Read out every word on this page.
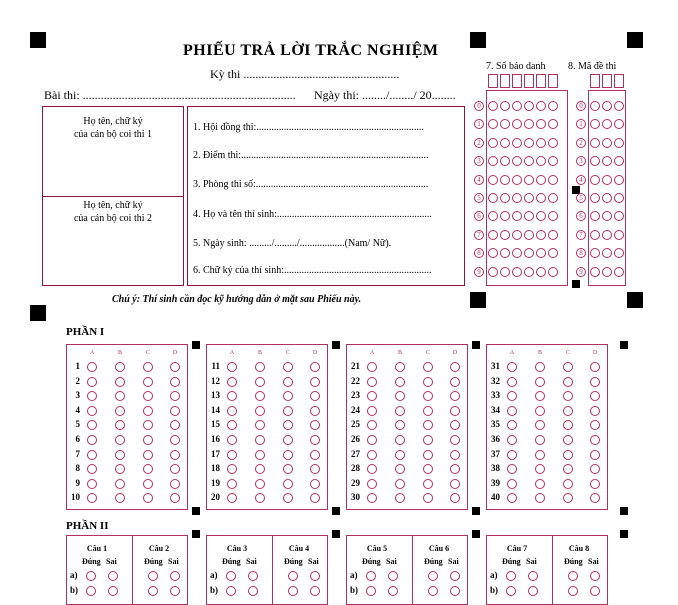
PHIẾU TRẢ LỜI TRẮC NGHIỆM
Kỳ thi ....................................................
Bài thi: ....................................................................... Ngày thi: ......../......../ 20........
Họ tên, chữ ký
của cán bộ coi thi 1
Họ tên, chữ ký
của cán bộ coi thi 2
1. Hội đồng thi:...................................................................
2. Điểm thi:...........................................................................
3. Phòng thi số:.....................................................................
4. Họ và tên thí sinh:..............................................................
5. Ngày sinh: ........./........./..................(Nam/ Nữ).
6. Chữ ký của thí sinh:...........................................................
7. Số báo danh 8. Mã đề thi
0	0
1	1
2	2
3	3
4	4
5	5
6	6
7	7
8	8
9	9
Chú ý: Thí sinh cần đọc kỹ hướng dẫn ở mặt sau Phiếu này.
PHẦN I
A	B	C	D
1
2
3
4
5
6
7
8
9
10
A	B	C	D
11
12
13
14
15
16
17
18
19
20
A	B	C	D
21
22
23
24
25
26
27
28
29
30
A	B	C	D
31
32
33
34
35
36
37
38
39
40
PHẦN II
Câu 1
Đúng Sai
a)
b)
Câu 2
Đúng Sai
Câu 3
Đúng Sai
a)
b)
Câu 4
Đúng Sai
Câu 5
Đúng Sai
a)
b)
Câu 6
Đúng Sai
Câu 7
Đúng Sai
a)
b)
Câu 8
Đúng Sai
